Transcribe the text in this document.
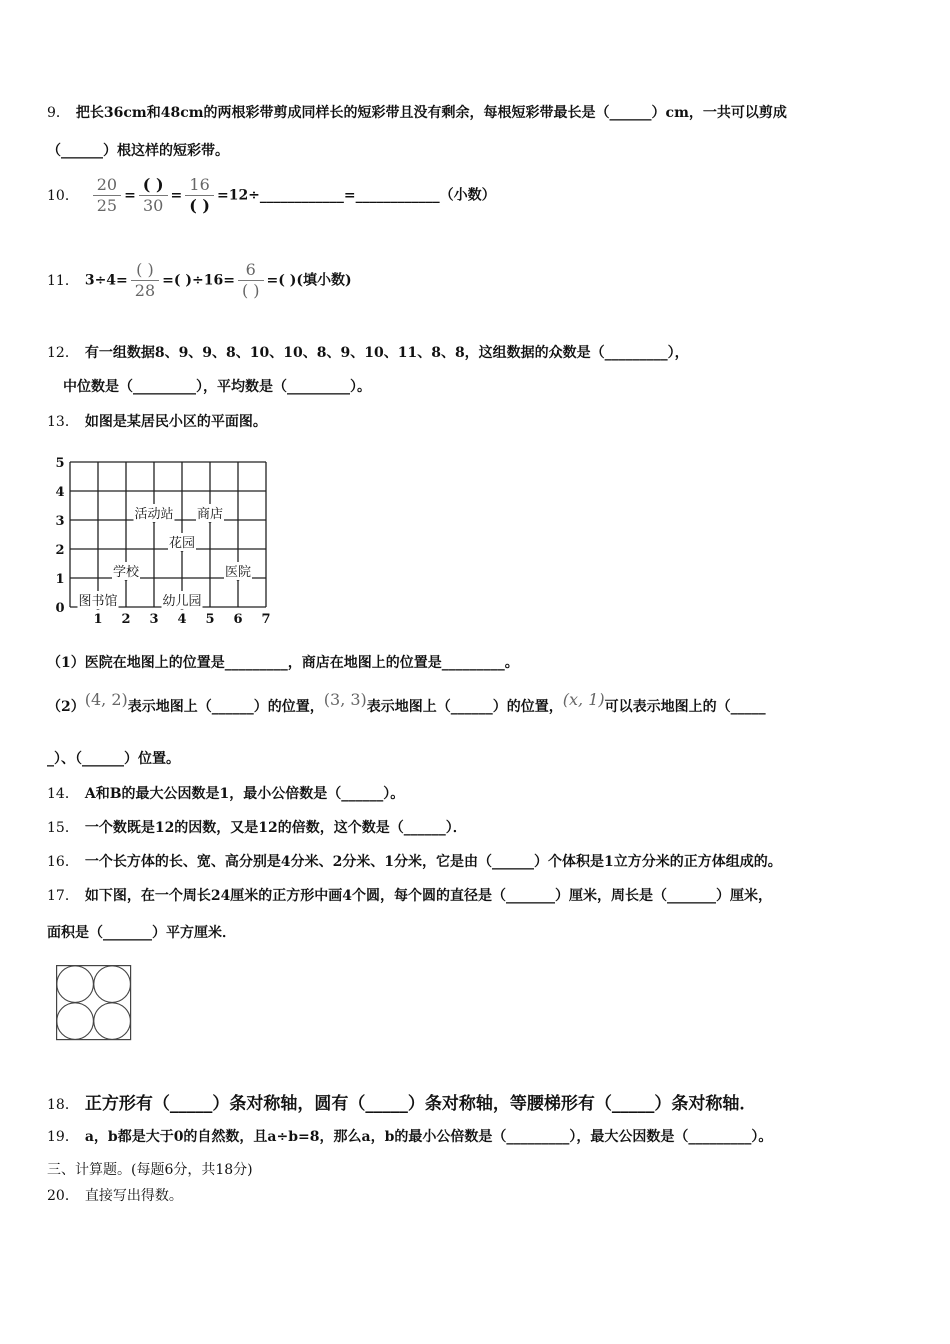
9． 把长36cm和48cm的两根彩带剪成同样长的短彩带且没有剩余，每根短彩带最长是（______）cm，一共可以剪成
（______）根这样的短彩带。
10． $\frac{20}{25} = \frac{( )}{30} = \frac{16}{( )}$ =12÷____________=____________（小数）
11． $3\div 4= \frac{( )}{28}$ =( )$\div 16= \frac{6}{( )}$ =( )(填小数)
12． 有一组数据8、9、9、8、10、10、8、9、10、11、8、8，这组数据的众数是（_________），
中位数是（_________），平均数是（_________）。
13． 如图是某居民小区的平面图。
1 2 3 4 5 6 7
0
1
2
3
4
5
图书馆	幼儿园
学校	医院
花园
活动站 商店
（1）医院在地图上的位置是_________，商店在地图上的位置是_________。
（2）(4, 2)表示地图上（______）的位置，(3, 3)表示地图上（______）的位置，(x, 1)可以表示地图上的（_____
_）、（______）位置。
14． A和B的最大公因数是1，最小公倍数是（______）。
15． 一个数既是12的因数，又是12的倍数，这个数是（______）．
16． 一个长方体的长、宽、高分别是4分米、2分米、1分米，它是由（______）个体积是1立方分米的正方体组成的。
17． 如下图，在一个周长24厘米的正方形中画4个圆，每个圆的直径是（_______）厘米，周长是（_______）厘米，
面积是（_______）平方厘米．
18． 正方形有（_____）条对称轴，圆有（_____）条对称轴，等腰梯形有（_____）条对称轴．
19． a，b都是大于0的自然数，且a÷b=8，那么a，b的最小公倍数是（_________），最大公因数是（_________）。
三、计算题。(每题6分，共18分)
20． 直接写出得数。
